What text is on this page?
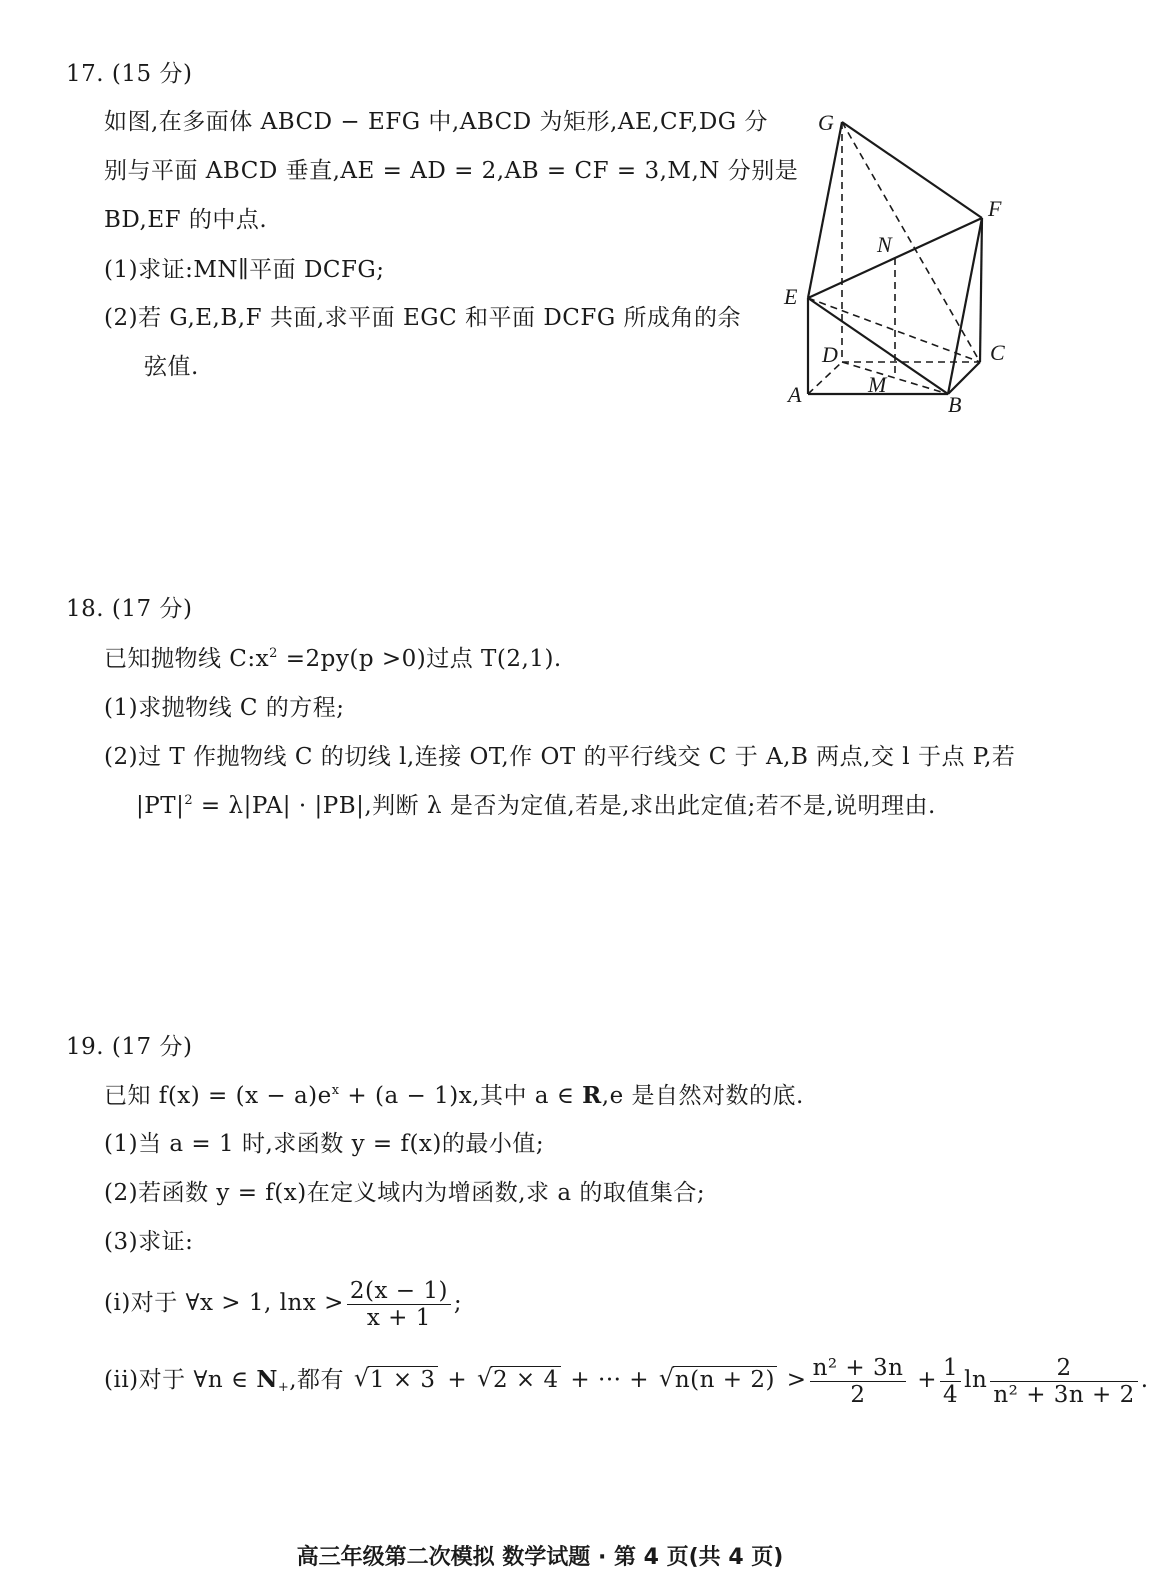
17. (15 分)
如图,在多面体 ABCD − EFG 中,ABCD 为矩形,AE,CF,DG 分
别与平面 ABCD 垂直,AE = AD = 2,AB = CF = 3,M,N 分别是
BD,EF 的中点.
(1)求证:MN∥平面 DCFG;
(2)若 G,E,B,F 共面,求平面 EGC 和平面 DCFG 所成角的余
弦值.
G
F
N
E
D	C
M
A	B
18. (17 分)
已知抛物线 $C:x^2 =2py(p >0)$过点 T(2,1).
(1)求抛物线 C 的方程;
(2)过 T 作抛物线 C 的切线 l,连接 OT,作 OT 的平行线交 C 于 A,B 两点,交 l 于点 P,若
$|PT|^2 = \lambda|PA| \cdot |PB|$,判断 λ 是否为定值,若是,求出此定值;若不是,说明理由.
19. (17 分)
已知 $f(x) = (x - a)e^x + (a - 1)x$,其中 a ∈ R,e 是自然对数的底.
(1)当 a = 1 时,求函数 y = f(x)的最小值;
(2)若函数 y = f(x)在定义域内为增函数,求 a 的取值集合;
(3)求证:
(i)对于 ∀x > 1, $\ln x > \frac{2(x - 1)}{x + 1}$ ;
(ii)对于 ∀n ∈ $N_+$,都有 √ 1 × 3 + √ 2 × 4 + ··· + √ $n(n + 2) > \frac{\text{n² + 3n}}{2} + \frac{1}{4}$ $\ln \frac{2}{\text{n² + 3n + 2}}$ .
高三年级第二次模拟 数学试题 · 第 4 页(共 4 页)
